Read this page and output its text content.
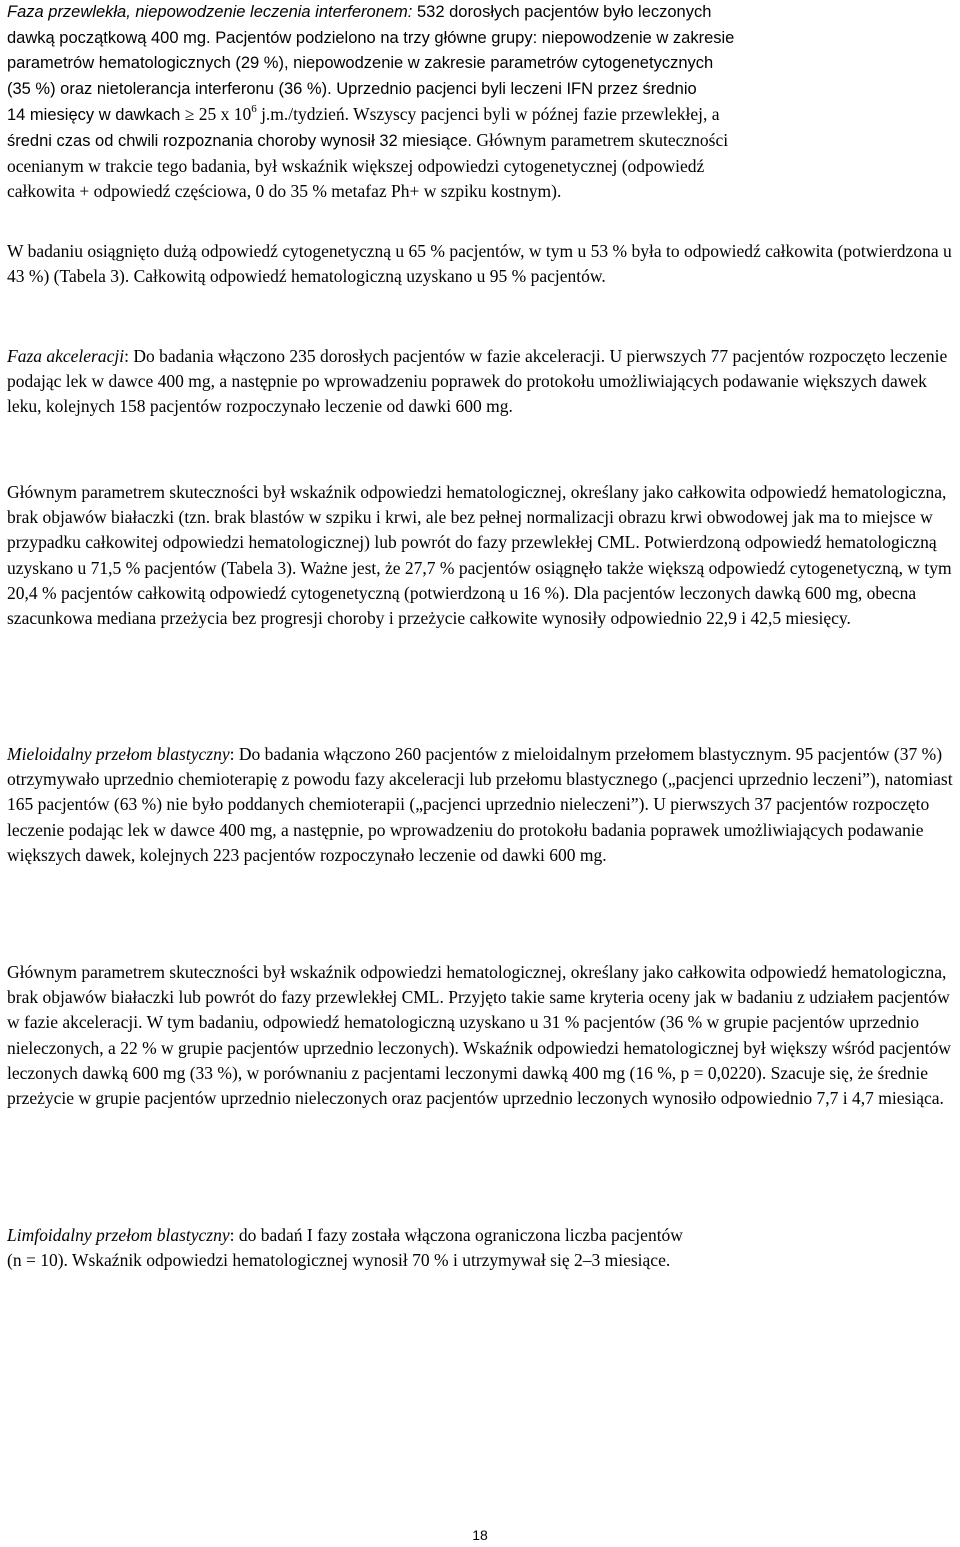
Faza przewlekła, niepowodzenie leczenia interferonem: 532 dorosłych pacjentów było leczonych
dawką początkową 400 mg. Pacjentów podzielono na trzy główne grupy: niepowodzenie w zakresie
parametrów hematologicznych (29 %), niepowodzenie w zakresie parametrów cytogenetycznych
(35 %) oraz nietolerancja interferonu (36 %). Uprzednio pacjenci byli leczeni IFN przez średnio
14 miesięcy w dawkach ≥ 25 x $10^6$ j.m./tydzień. Wszyscy pacjenci byli w późnej fazie przewlekłej, a
średni czas od chwili rozpoznania choroby wynosił 32 miesiące. Głównym parametrem skuteczności
ocenianym w trakcie tego badania, był wskaźnik większej odpowiedzi cytogenetycznej (odpowiedź
całkowita + odpowiedź częściowa, 0 do 35 % metafaz Ph+ w szpiku kostnym).

W badaniu osiągnięto dużą odpowiedź cytogenetyczną u 65 % pacjentów, w tym u 53 % była to odpowiedź całkowita (potwierdzona u 43 %) (Tabela 3). Całkowitą odpowiedź hematologiczną uzyskano u 95 % pacjentów.

Faza akceleracji: Do badania włączono 235 dorosłych pacjentów w fazie akceleracji. U pierwszych 77 pacjentów rozpoczęto leczenie podając lek w dawce 400 mg, a następnie po wprowadzeniu poprawek do protokołu umożliwiających podawanie większych dawek leku, kolejnych 158 pacjentów rozpoczynało leczenie od dawki 600 mg.

Głównym parametrem skuteczności był wskaźnik odpowiedzi hematologicznej, określany jako całkowita odpowiedź hematologiczna, brak objawów białaczki (tzn. brak blastów w szpiku i krwi, ale bez pełnej normalizacji obrazu krwi obwodowej jak ma to miejsce w przypadku całkowitej odpowiedzi hematologicznej) lub powrót do fazy przewlekłej CML. Potwierdzoną odpowiedź hematologiczną uzyskano u 71,5 % pacjentów (Tabela 3). Ważne jest, że 27,7 % pacjentów osiągnęło także większą odpowiedź cytogenetyczną, w tym 20,4 % pacjentów całkowitą odpowiedź cytogenetyczną (potwierdzoną u 16 %). Dla pacjentów leczonych dawką 600 mg, obecna szacunkowa mediana przeżycia bez progresji choroby i przeżycie całkowite wynosiły odpowiednio 22,9 i 42,5 miesięcy.

Mieloidalny przełom blastyczny: Do badania włączono 260 pacjentów z mieloidalnym przełomem blastycznym. 95 pacjentów (37 %) otrzymywało uprzednio chemioterapię z powodu fazy akceleracji lub przełomu blastycznego („pacjenci uprzednio leczeni”), natomiast 165 pacjentów (63 %) nie było poddanych chemioterapii („pacjenci uprzednio nieleczeni”). U pierwszych 37 pacjentów rozpoczęto leczenie podając lek w dawce 400 mg, a następnie, po wprowadzeniu do protokołu badania poprawek umożliwiających podawanie większych dawek, kolejnych 223 pacjentów rozpoczynało leczenie od dawki 600 mg.

Głównym parametrem skuteczności był wskaźnik odpowiedzi hematologicznej, określany jako całkowita odpowiedź hematologiczna, brak objawów białaczki lub powrót do fazy przewlekłej CML. Przyjęto takie same kryteria oceny jak w badaniu z udziałem pacjentów w fazie akceleracji. W tym badaniu, odpowiedź hematologiczną uzyskano u 31 % pacjentów (36 % w grupie pacjentów uprzednio nieleczonych, a 22 % w grupie pacjentów uprzednio leczonych). Wskaźnik odpowiedzi hematologicznej był większy wśród pacjentów leczonych dawką 600 mg (33 %), w porównaniu z pacjentami leczonymi dawką 400 mg (16 %, p = 0,0220). Szacuje się, że średnie przeżycie w grupie pacjentów uprzednio nieleczonych oraz pacjentów uprzednio leczonych wynosiło odpowiednio 7,7 i 4,7 miesiąca.

Limfoidalny przełom blastyczny: do badań I fazy została włączona ograniczona liczba pacjentów
(n = 10). Wskaźnik odpowiedzi hematologicznej wynosił 70 % i utrzymywał się 2–3 miesiące.
18
